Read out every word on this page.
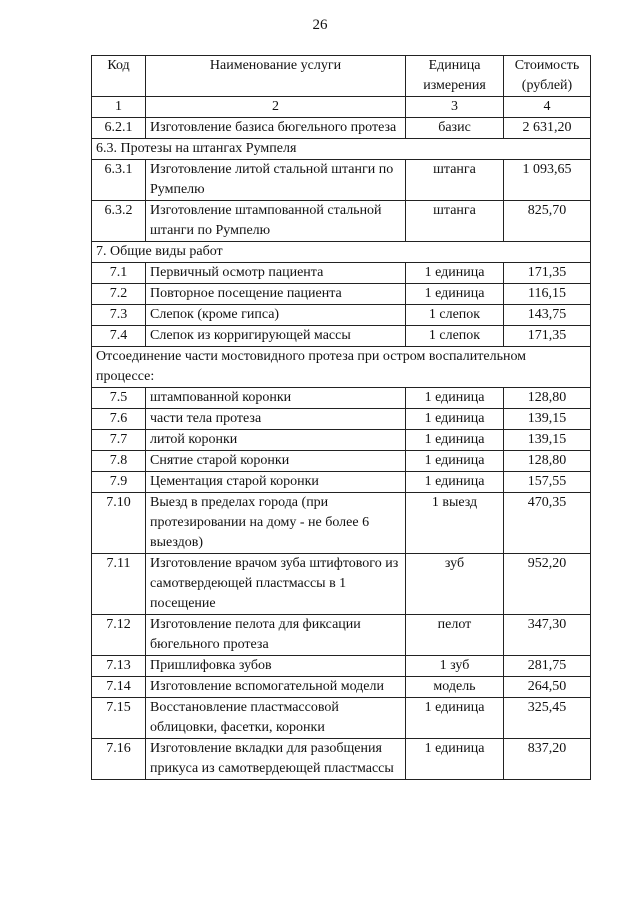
26
Код	Наименование услуги	Единица измерения	Стоимость (рублей)
1	2	3	4
6.2.1	Изготовление базиса бюгельного протеза	базис	2 631,20
6.3. Протезы на штангах Румпеля			
6.3.1	Изготовление литой стальной штанги по Румпелю	штанга	1 093,65
6.3.2	Изготовление штампованной стальной штанги по Румпелю	штанга	825,70
7. Общие виды работ			
7.1	Первичный осмотр пациента	1 единица	171,35
7.2	Повторное посещение пациента	1 единица	116,15
7.3	Слепок (кроме гипса)	1 слепок	143,75
7.4	Слепок из корригирующей массы	1 слепок	171,35
Отсоединение части мостовидного протеза при остром воспалительном процессе:			
7.5	штампованной коронки	1 единица	128,80
7.6	части тела протеза	1 единица	139,15
7.7	литой коронки	1 единица	139,15
7.8	Снятие старой коронки	1 единица	128,80
7.9	Цементация старой коронки	1 единица	157,55
7.10	Выезд в пределах города (при протезировании на дому - не более 6 выездов)	1 выезд	470,35
7.11	Изготовление врачом зуба штифтового из самотвердеющей пластмассы в 1 посещение	зуб	952,20
7.12	Изготовление пелота для фиксации бюгельного протеза	пелот	347,30
7.13	Пришлифовка зубов	1 зуб	281,75
7.14	Изготовление вспомогательной модели	модель	264,50
7.15	Восстановление пластмассовой облицовки, фасетки, коронки	1 единица	325,45
7.16	Изготовление вкладки для разобщения прикуса из самотвердеющей пластмассы	1 единица	837,20
